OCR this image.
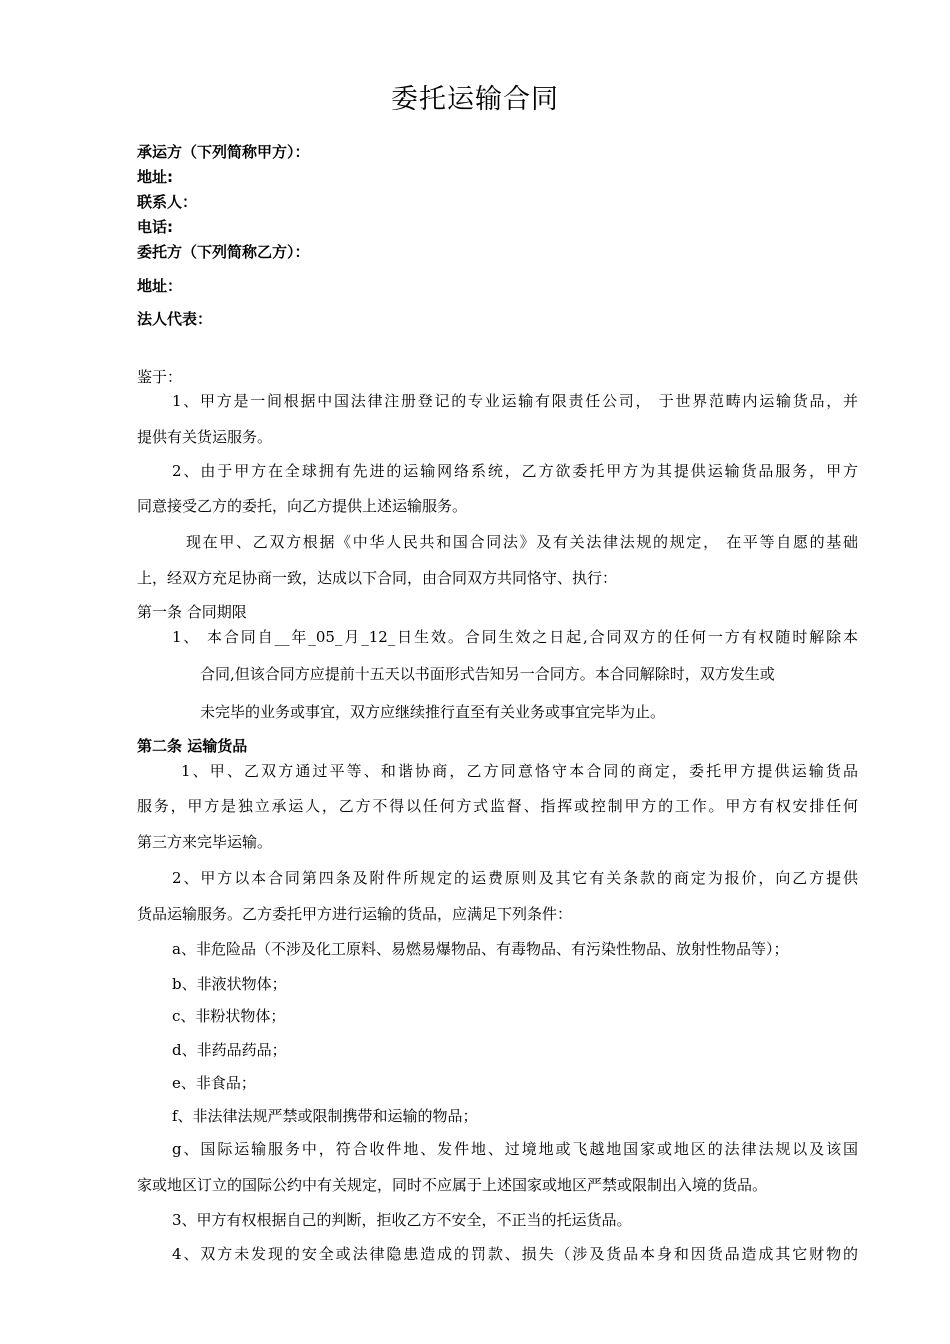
委托运输合同
承运方（下列简称甲方）：
地址:
联系人：
电话:
委托方（下列简称乙方）：
地址：
法人代表：
鉴于：
1、甲方是一间根据中国法律注册登记的专业运输有限责任公司， 于世界范畴内运输货品，并
提供有关货运服务。
2、由于甲方在全球拥有先进的运输网络系统，乙方欲委托甲方为其提供运输货品服务，甲方
同意接受乙方的委托，向乙方提供上述运输服务。
现在甲、乙双方根据《中华人民共和国合同法》及有关法律法规的规定， 在平等自愿的基础
上，经双方充足协商一致，达成以下合同，由合同双方共同恪守、执行：
第一条 合同期限
1、 本合同自__年_05_月_12_日生效。合同生效之日起,合同双方的任何一方有权随时解除本
合同,但该合同方应提前十五天以书面形式告知另一合同方。本合同解除时，双方发生或
未完毕的业务或事宜，双方应继续推行直至有关业务或事宜完毕为止。
第二条 运输货品
1、甲、乙双方通过平等、和谐协商，乙方同意恪守本合同的商定，委托甲方提供运输货品
服务，甲方是独立承运人，乙方不得以任何方式监督、指挥或控制甲方的工作。甲方有权安排任何
第三方来完毕运输。
2、甲方以本合同第四条及附件所规定的运费原则及其它有关条款的商定为报价，向乙方提供
货品运输服务。乙方委托甲方进行运输的货品，应满足下列条件：
a、非危险品（不涉及化工原料、易燃易爆物品、有毒物品、有污染性物品、放射性物品等）；
b、非液状物体；
c、非粉状物体；
d、非药品药品；
e、非食品；
f、非法律法规严禁或限制携带和运输的物品；
g、国际运输服务中，符合收件地、发件地、过境地或飞越地国家或地区的法律法规以及该国
家或地区订立的国际公约中有关规定，同时不应属于上述国家或地区严禁或限制出入境的货品。
3、甲方有权根据自己的判断，拒收乙方不安全，不正当的托运货品。
4、双方未发现的安全或法律隐患造成的罚款、损失（涉及货品本身和因货品造成其它财物的
